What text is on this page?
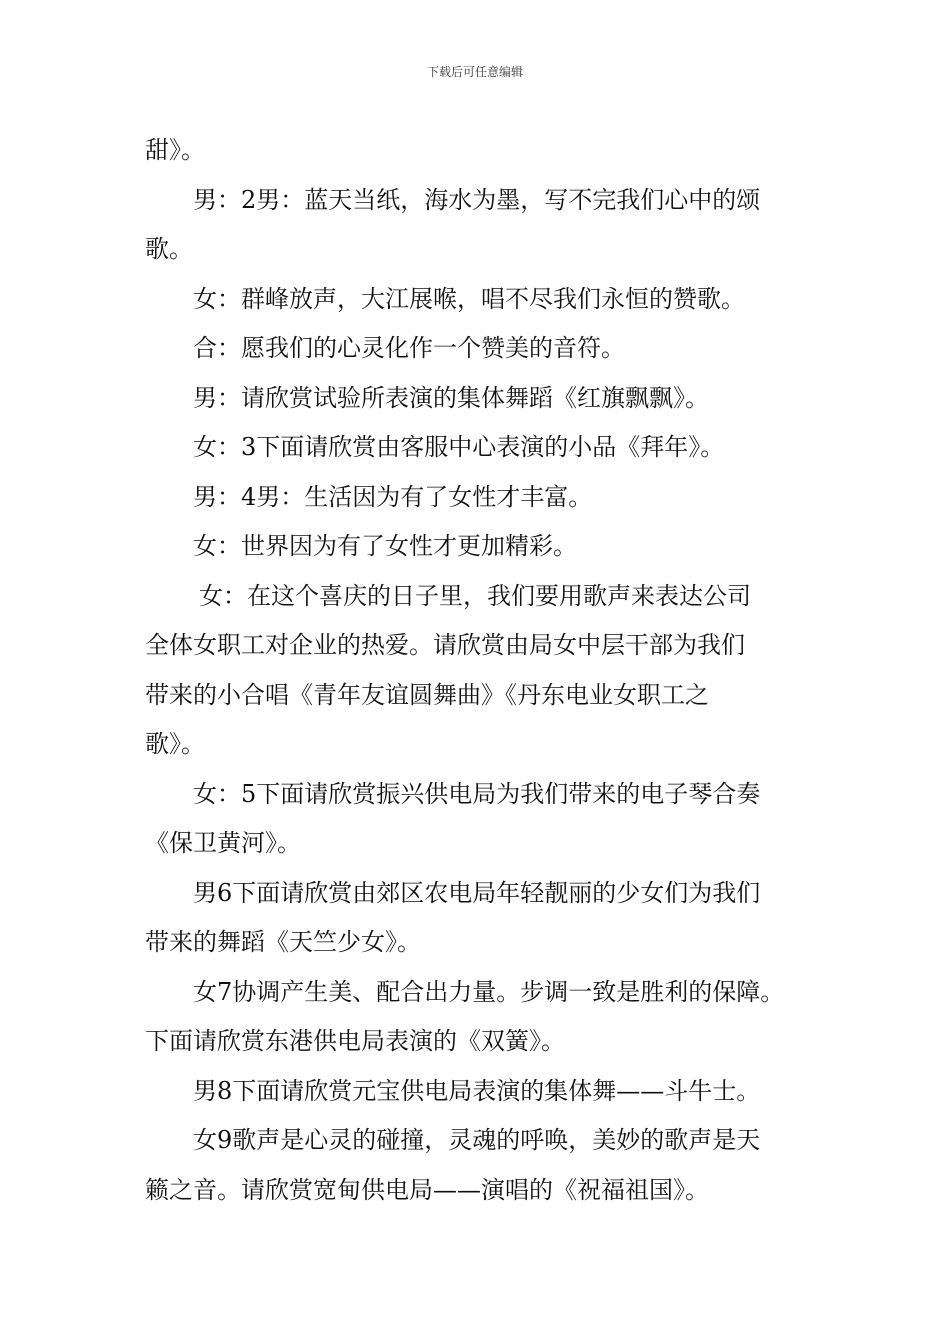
下载后可任意编辑

甜》。

男：2男：蓝天当纸，海水为墨，写不完我们心中的颂
歌。

女：群峰放声，大江展喉，唱不尽我们永恒的赞歌。

合：愿我们的心灵化作一个赞美的音符。

男：请欣赏试验所表演的集体舞蹈《红旗飘飘》。

女：3下面请欣赏由客服中心表演的小品《拜年》。

男：4男：生活因为有了女性才丰富。

女：世界因为有了女性才更加精彩。

女：在这个喜庆的日子里，我们要用歌声来表达公司
全体女职工对企业的热爱。请欣赏由局女中层干部为我们
带来的小合唱《青年友谊圆舞曲》《丹东电业女职工之
歌》。

女：5下面请欣赏振兴供电局为我们带来的电子琴合奏
《保卫黄河》。

男6下面请欣赏由郊区农电局年轻靓丽的少女们为我们
带来的舞蹈《天竺少女》。

女7协调产生美、配合出力量。步调一致是胜利的保障。
下面请欣赏东港供电局表演的《双簧》。

男8下面请欣赏元宝供电局表演的集体舞——斗牛士。

女9歌声是心灵的碰撞，灵魂的呼唤，美妙的歌声是天
籁之音。请欣赏宽甸供电局——演唱的《祝福祖国》。
